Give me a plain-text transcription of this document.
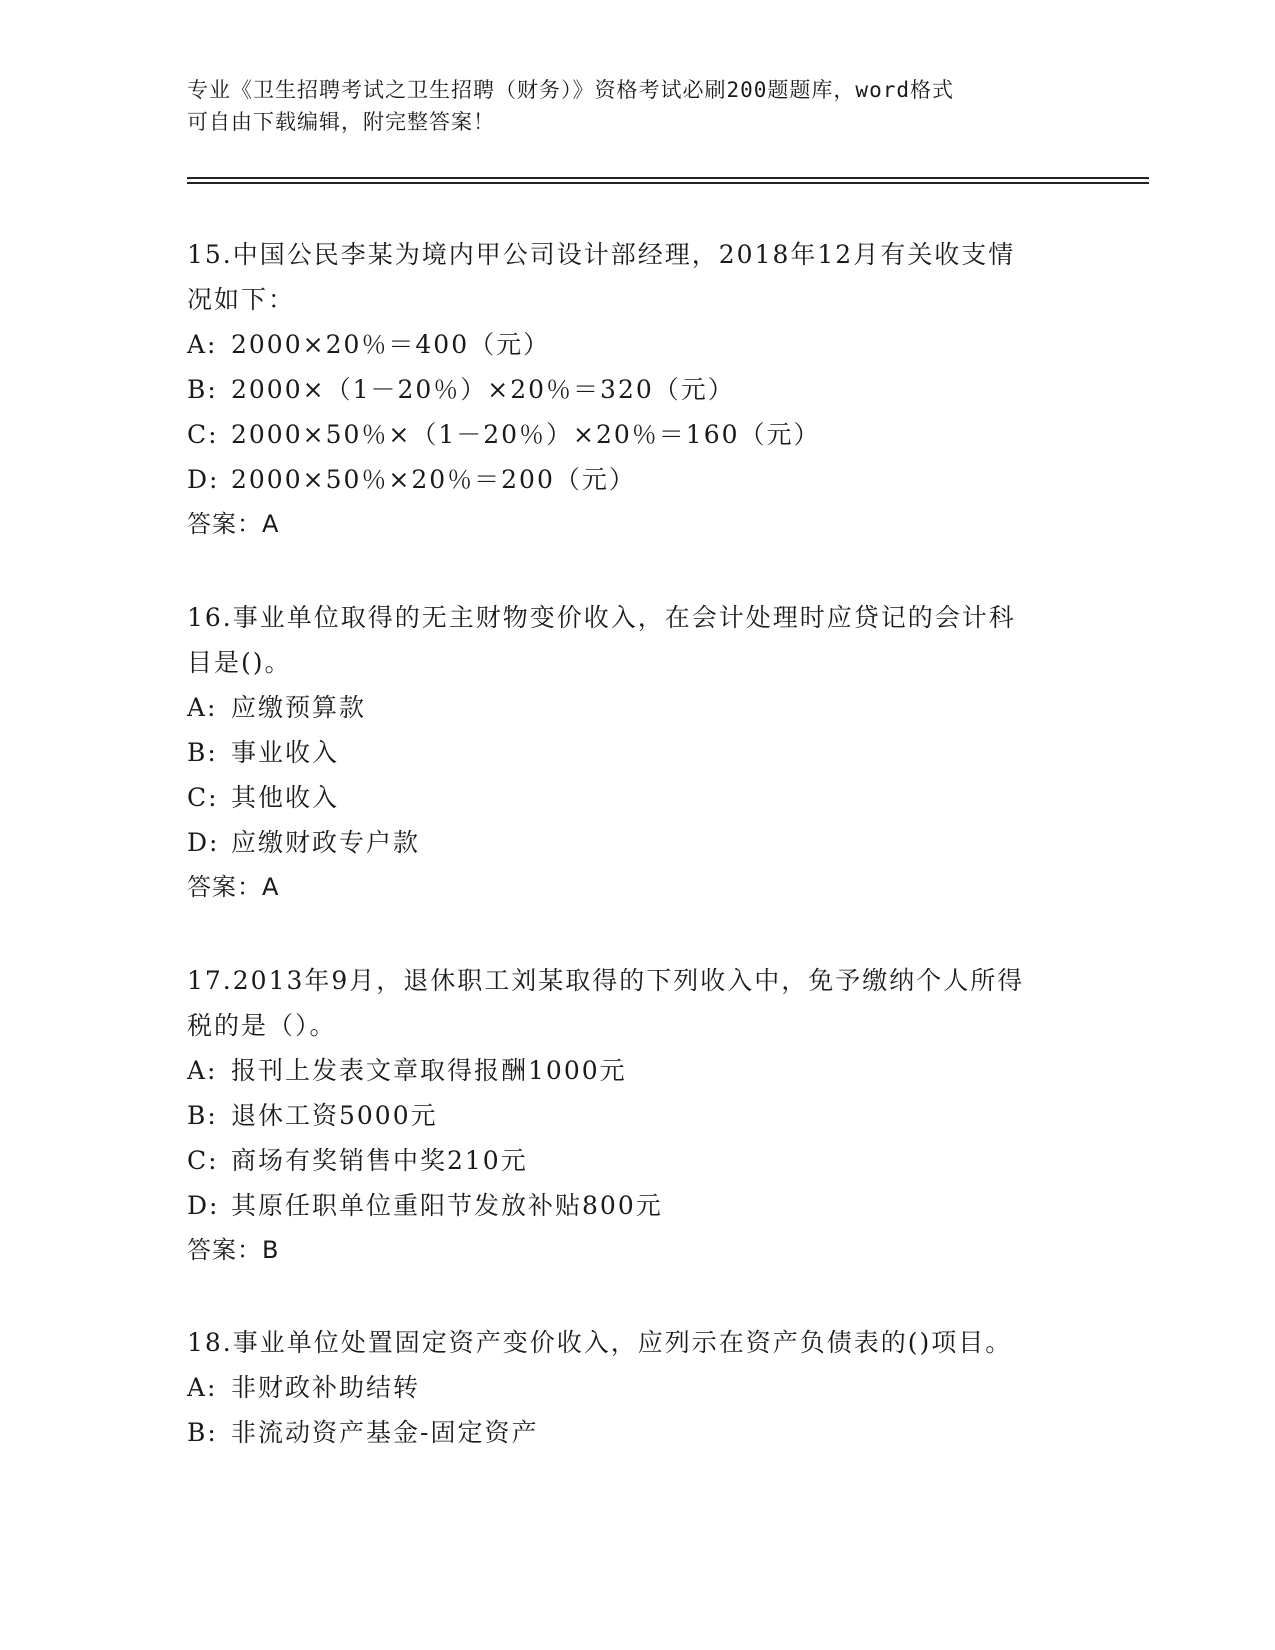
专业《卫生招聘考试之卫生招聘（财务）》资格考试必刷200题题库，word格式
可自由下载编辑，附完整答案！
15.中国公民李某为境内甲公司设计部经理，2018年12月有关收支情
况如下：
A: 2000×20％＝400（元）
B: 2000×（1－20％）×20％＝320（元）
C: 2000×50％×（1－20％）×20％＝160（元）
D: 2000×50％×20％＝200（元）
答案：A
16.事业单位取得的无主财物变价收入，在会计处理时应贷记的会计科
目是()。
A: 应缴预算款
B: 事业收入
C: 其他收入
D: 应缴财政专户款
答案：A
17.2013年9月，退休职工刘某取得的下列收入中，免予缴纳个人所得
税的是（）。
A: 报刊上发表文章取得报酬1000元
B: 退休工资5000元
C: 商场有奖销售中奖210元
D: 其原任职单位重阳节发放补贴800元
答案：B
18.事业单位处置固定资产变价收入，应列示在资产负债表的()项目。
A: 非财政补助结转
B: 非流动资产基金-固定资产
